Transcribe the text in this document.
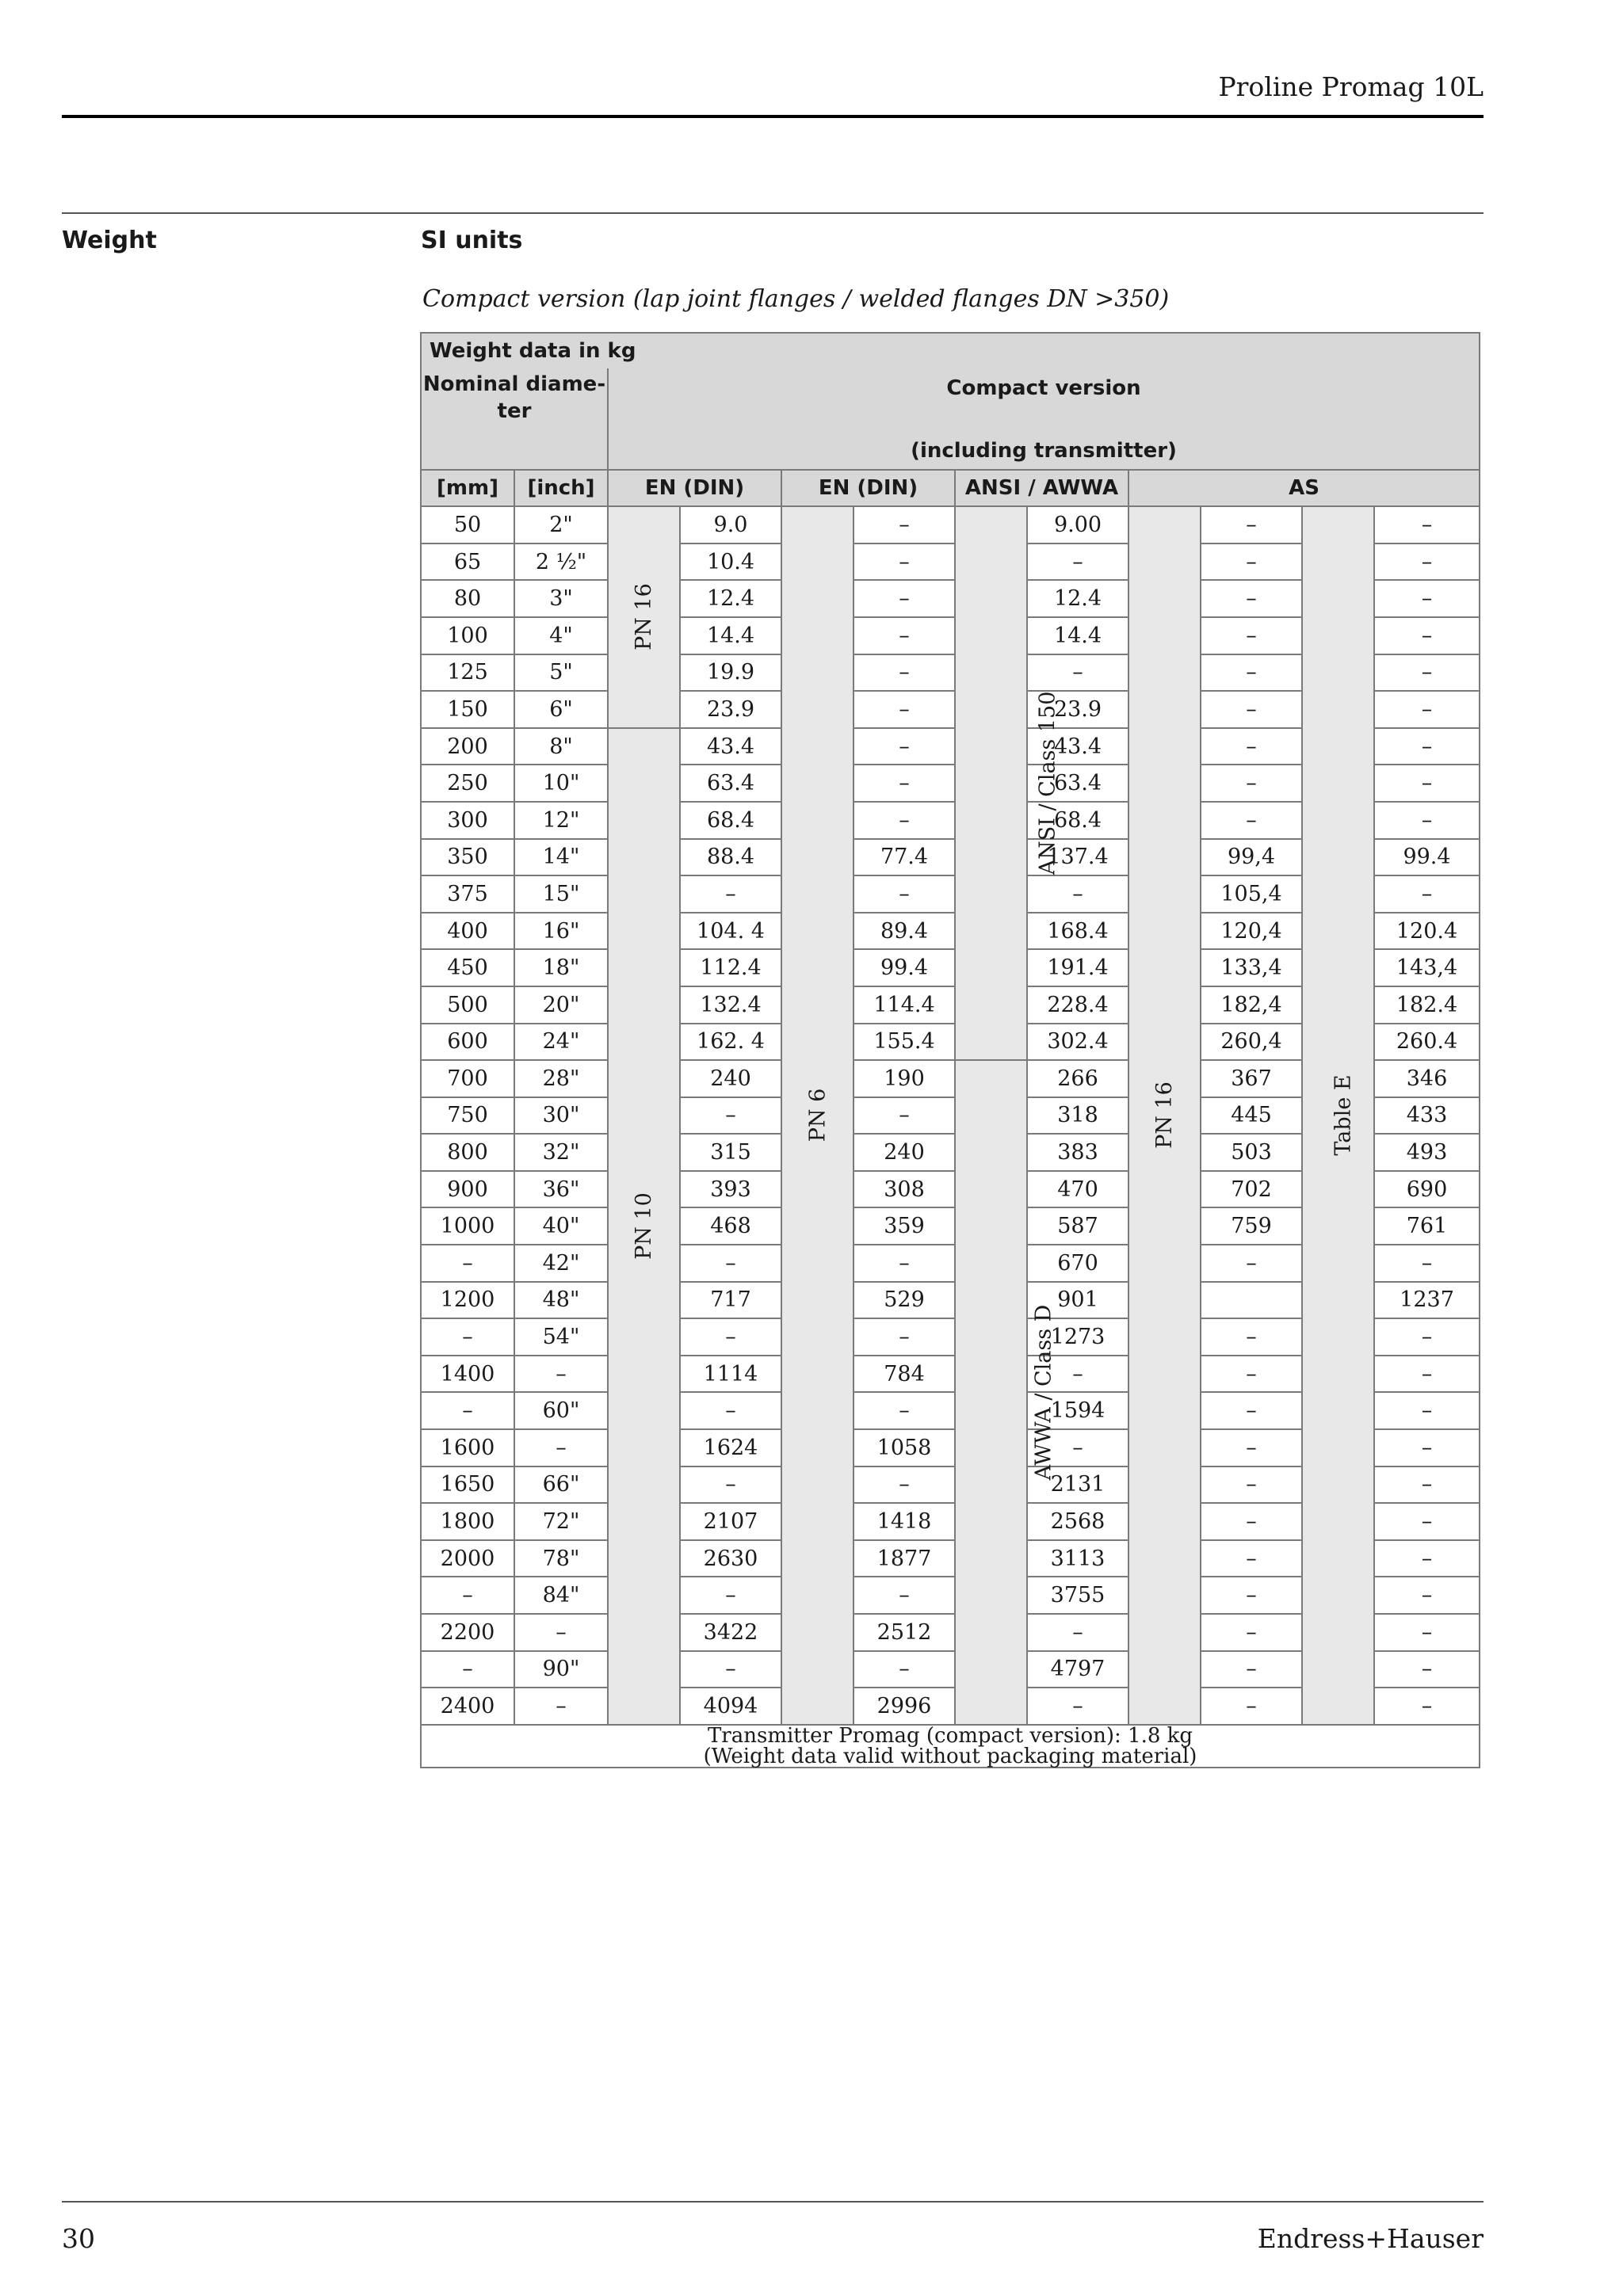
Proline Promag 10L
Weight	SI units
Compact version (lap joint flanges / welded flanges DN >350)
Weight data in kg											
Nominal diame-
ter		Compact version									
		(including transmitter)									
[mm]	[inch]	EN (DIN)		EN (DIN)		ANSI / AWWA		AS			
50	2"	PN 16	9.0	PN 6	–	ANSI / Class 150	9.00	PN 16	–	Table E	–
65	2 ½"		10.4		–		–		–		–
80	3"		12.4		–		12.4		–		–
100	4"		14.4		–		14.4		–		–
125	5"		19.9		–		–		–		–
150	6"		23.9		–		23.9		–		–
200	8"	PN 10	43.4		–		43.4		–		–
250	10"		63.4		–		63.4		–		–
300	12"		68.4		–		68.4		–		–
350	14"		88.4		77.4		137.4		99,4		99.4
375	15"		–		–		–		105,4		–
400	16"		104. 4		89.4		168.4		120,4		120.4
450	18"		112.4		99.4		191.4		133,4		143,4
500	20"		132.4		114.4		228.4		182,4		182.4
600	24"		162. 4		155.4		302.4		260,4		260.4
700	28"		240		190	AWWA / Class D	266		367		346
750	30"		–		–		318		445		433
800	32"		315		240		383		503		493
900	36"		393		308		470		702		690
1000	40"		468		359		587		759		761
–	42"		–		–		670		–		–
1200	48"		717		529		901				1237
–	54"		–		–		1273		–		–
1400	–		1114		784		–		–		–
–	60"		–		–		1594		–		–
1600	–		1624		1058		–		–		–
1650	66"		–		–		2131		–		–
1800	72"		2107		1418		2568		–		–
2000	78"		2630		1877		3113		–		–
–	84"		–		–		3755		–		–
2200	–		3422		2512		–		–		–
–	90"		–		–		4797		–		–
2400	–		4094		2996		–		–		–

Transmitter Promag (compact version): 1.8 kg
(Weight data valid without packaging material)											
30	Endress+Hauser
